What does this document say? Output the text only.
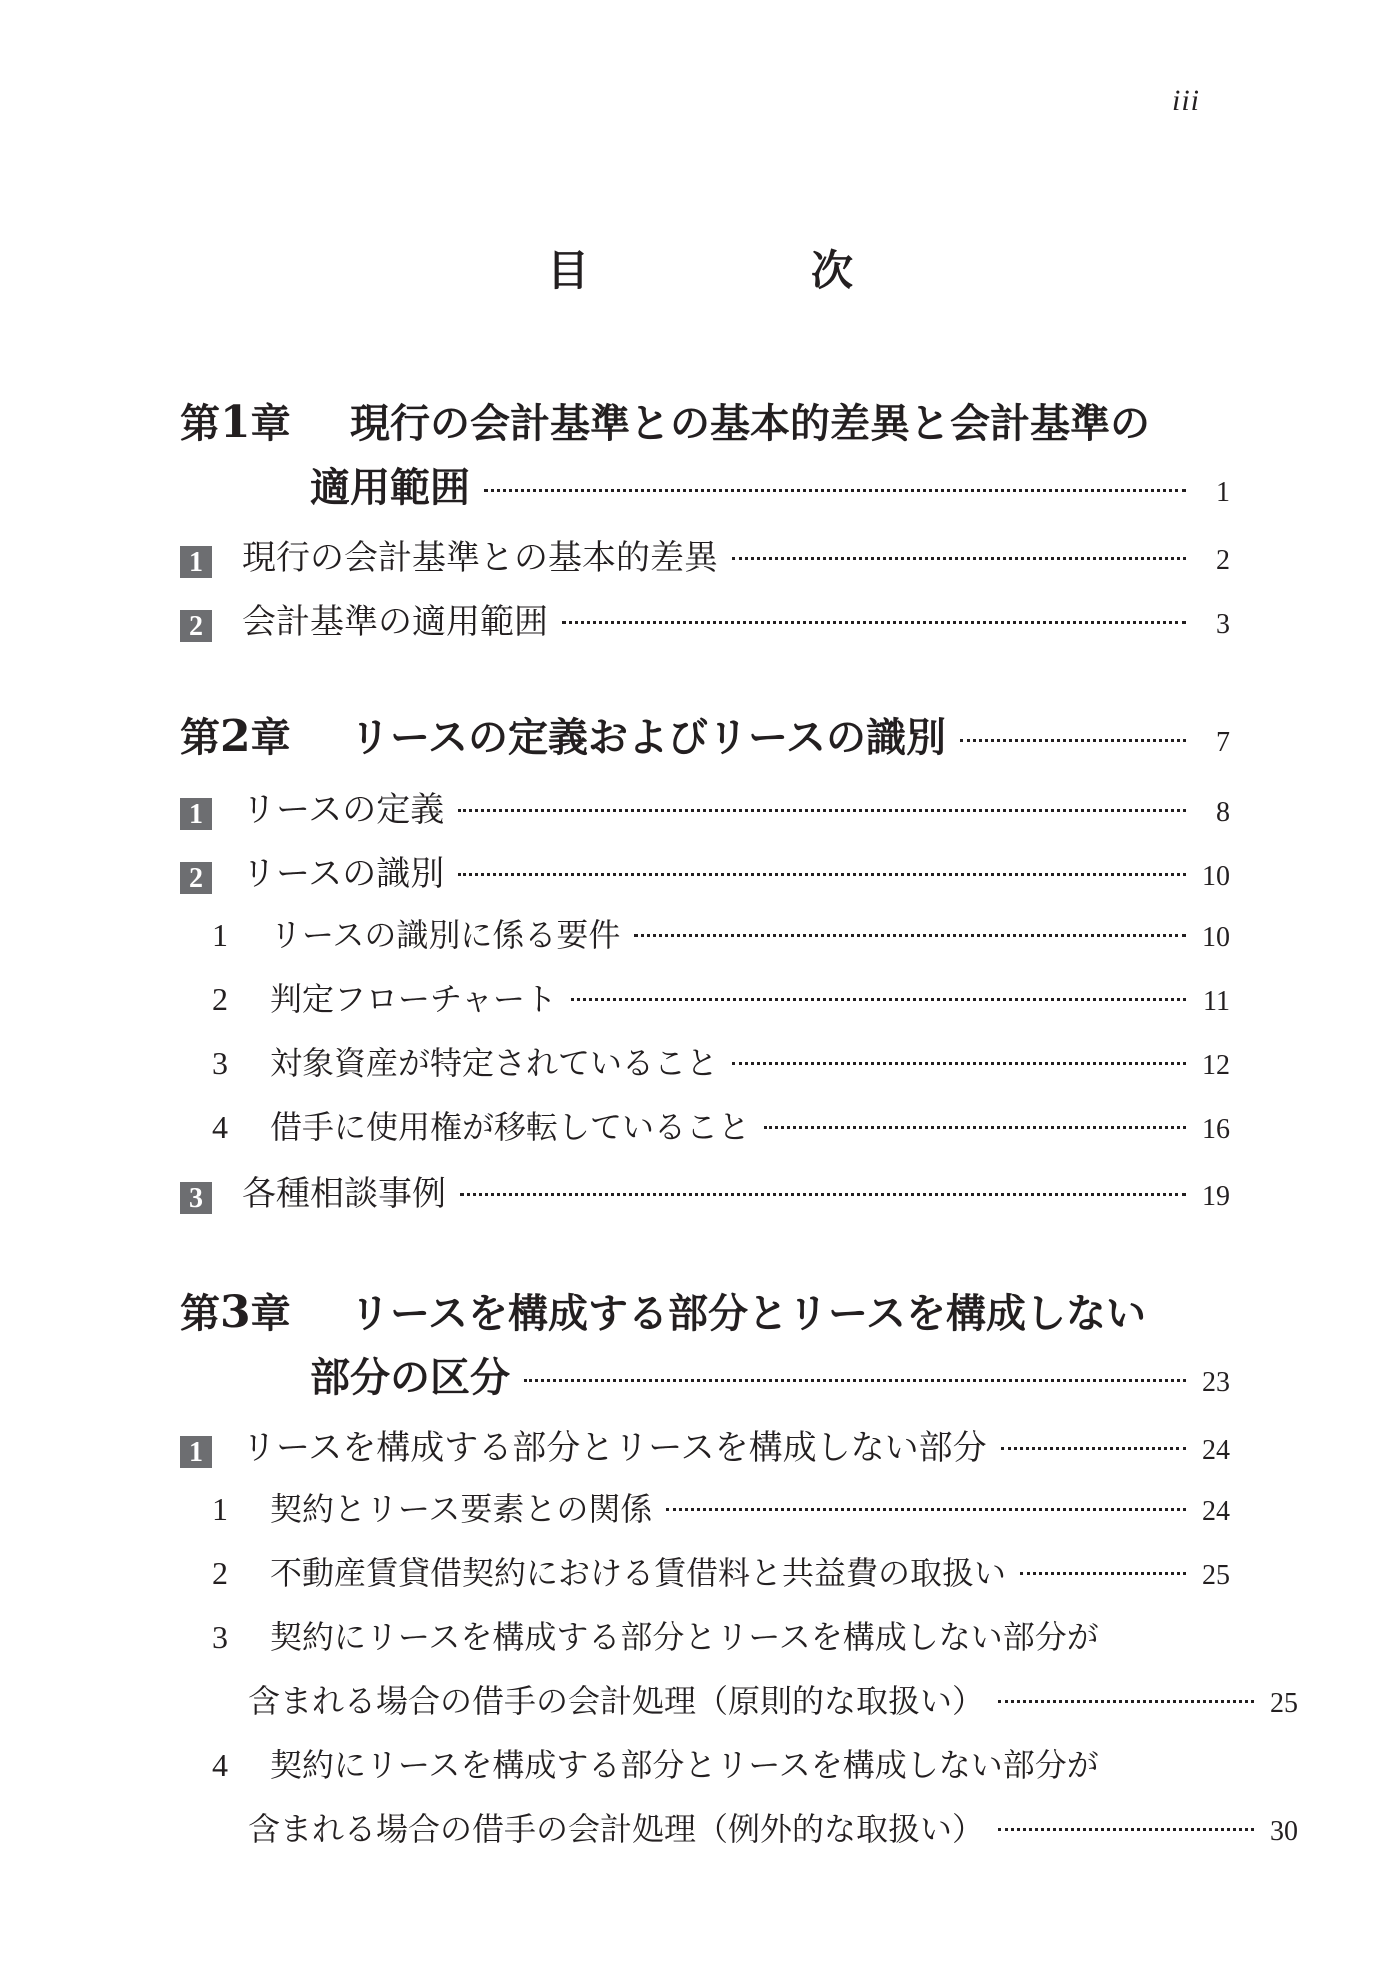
iii
目　次
第1章	現行の会計基準との基本的差異と会計基準の
適用範囲	1
1 現行の会計基準との基本的差異	2
2 会計基準の適用範囲	3
第2章	リースの定義およびリースの識別	7
1 リースの定義	8
2 リースの識別	10
1	リースの識別に係る要件	10
2	判定フローチャート	11
3	対象資産が特定されていること	12
4	借手に使用権が移転していること	16
3 各種相談事例	19
第3章	リースを構成する部分とリースを構成しない
部分の区分	23
1 リースを構成する部分とリースを構成しない部分	24
1	契約とリース要素との関係	24
2	不動産賃貸借契約における賃借料と共益費の取扱い	25
3	契約にリースを構成する部分とリースを構成しない部分が
含まれる場合の借手の会計処理（原則的な取扱い）	25
4	契約にリースを構成する部分とリースを構成しない部分が
含まれる場合の借手の会計処理（例外的な取扱い）	30
